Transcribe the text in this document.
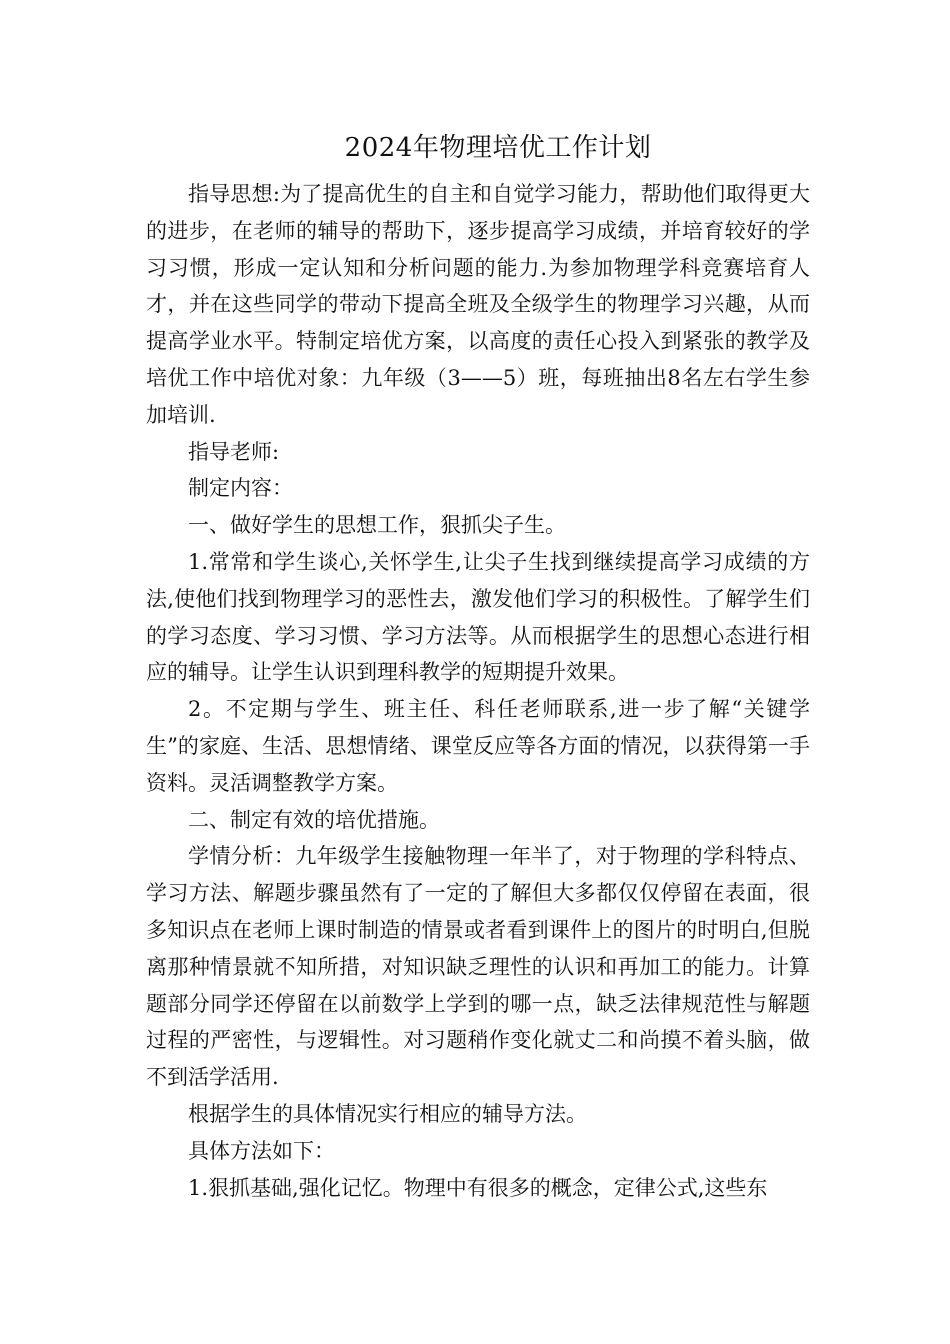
2024年物理培优工作计划

指导思想:为了提高优生的自主和自觉学习能力，帮助他们取得更大的进步，在老师的辅导的帮助下，逐步提高学习成绩，并培育较好的学习习惯，形成一定认知和分析问题的能力.为参加物理学科竞赛培育人才，并在这些同学的带动下提高全班及全级学生的物理学习兴趣，从而提高学业水平。特制定培优方案，以高度的责任心投入到紧张的教学及培优工作中培优对象：九年级（3——5）班，每班抽出8名左右学生参加培训.

指导老师:

制定内容：

一、做好学生的思想工作，狠抓尖子生。

1.常常和学生谈心,关怀学生,让尖子生找到继续提高学习成绩的方法,使他们找到物理学习的恶性去，激发他们学习的积极性。了解学生们的学习态度、学习习惯、学习方法等。从而根据学生的思想心态进行相应的辅导。让学生认识到理科教学的短期提升效果。

2。不定期与学生、班主任、科任老师联系,进一步了解“关键学生”的家庭、生活、思想情绪、课堂反应等各方面的情况，以获得第一手资料。灵活调整教学方案。

二、制定有效的培优措施。

学情分析：九年级学生接触物理一年半了，对于物理的学科特点、学习方法、解题步骤虽然有了一定的了解但大多都仅仅停留在表面，很多知识点在老师上课时制造的情景或者看到课件上的图片的时明白,但脱离那种情景就不知所措，对知识缺乏理性的认识和再加工的能力。计算题部分同学还停留在以前数学上学到的哪一点，缺乏法律规范性与解题过程的严密性，与逻辑性。对习题稍作变化就丈二和尚摸不着头脑，做不到活学活用.

根据学生的具体情况实行相应的辅导方法。

具体方法如下：

1.狠抓基础,强化记忆。物理中有很多的概念，定律公式,这些东
